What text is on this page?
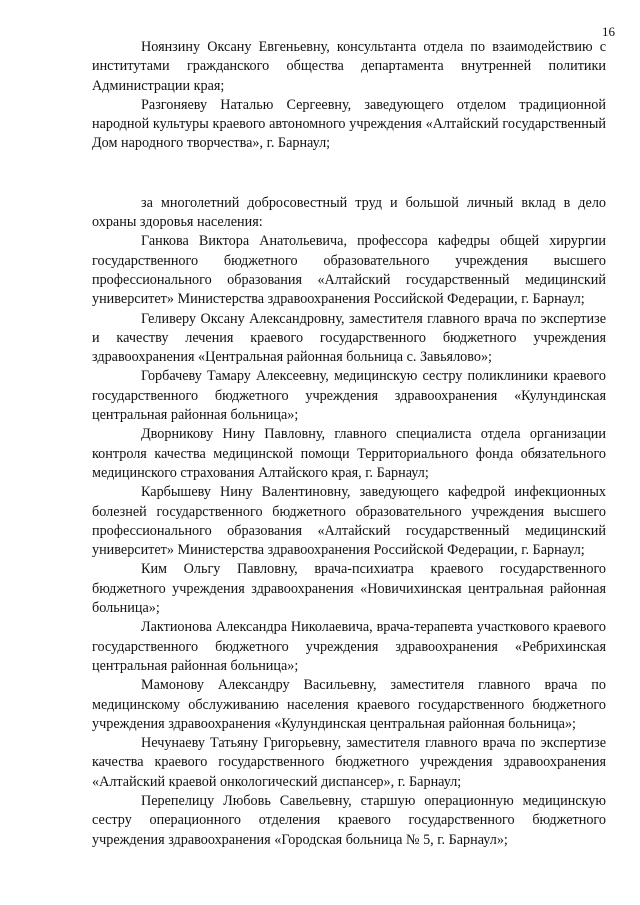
16

Ноянзину Оксану Евгеньевну, консультанта отдела по взаимодействию с институтами гражданского общества департамента внутренней политики Администрации края;

Разгоняеву Наталью Сергеевну, заведующего отделом традиционной народной культуры краевого автономного учреждения «Алтайский государственный Дом народного творчества», г. Барнаул;

за многолетний добросовестный труд и большой личный вклад в дело охраны здоровья населения:

Ганкова Виктора Анатольевича, профессора кафедры общей хирургии государственного бюджетного образовательного учреждения высшего профессионального образования «Алтайский государственный медицинский университет» Министерства здравоохранения Российской Федерации, г. Барнаул;

Геливеру Оксану Александровну, заместителя главного врача по экспертизе и качеству лечения краевого государственного бюджетного учреждения здравоохранения «Центральная районная больница с. Завьялово»;

Горбачеву Тамару Алексеевну, медицинскую сестру поликлиники краевого государственного бюджетного учреждения здравоохранения «Кулундинская центральная районная больница»;

Дворникову Нину Павловну, главного специалиста отдела организации контроля качества медицинской помощи Территориального фонда обязательного медицинского страхования Алтайского края, г. Барнаул;

Карбышеву Нину Валентиновну, заведующего кафедрой инфекционных болезней государственного бюджетного образовательного учреждения высшего профессионального образования «Алтайский государственный медицинский университет» Министерства здравоохранения Российской Федерации, г. Барнаул;

Ким Ольгу Павловну, врача-психиатра краевого государственного бюджетного учреждения здравоохранения «Новичихинская центральная районная больница»;

Лактионова Александра Николаевича, врача-терапевта участкового краевого государственного бюджетного учреждения здравоохранения «Ребрихинская центральная районная больница»;

Мамонову Александру Васильевну, заместителя главного врача по медицинскому обслуживанию населения краевого государственного бюджетного учреждения здравоохранения «Кулундинская центральная районная больница»;

Нечунаеву Татьяну Григорьевну, заместителя главного врача по экспертизе качества краевого государственного бюджетного учреждения здравоохранения «Алтайский краевой онкологический диспансер», г. Барнаул;

Перепелицу Любовь Савельевну, старшую операционную медицинскую сестру операционного отделения краевого государственного бюджетного учреждения здравоохранения «Городская больница № 5, г. Барнаул»;
